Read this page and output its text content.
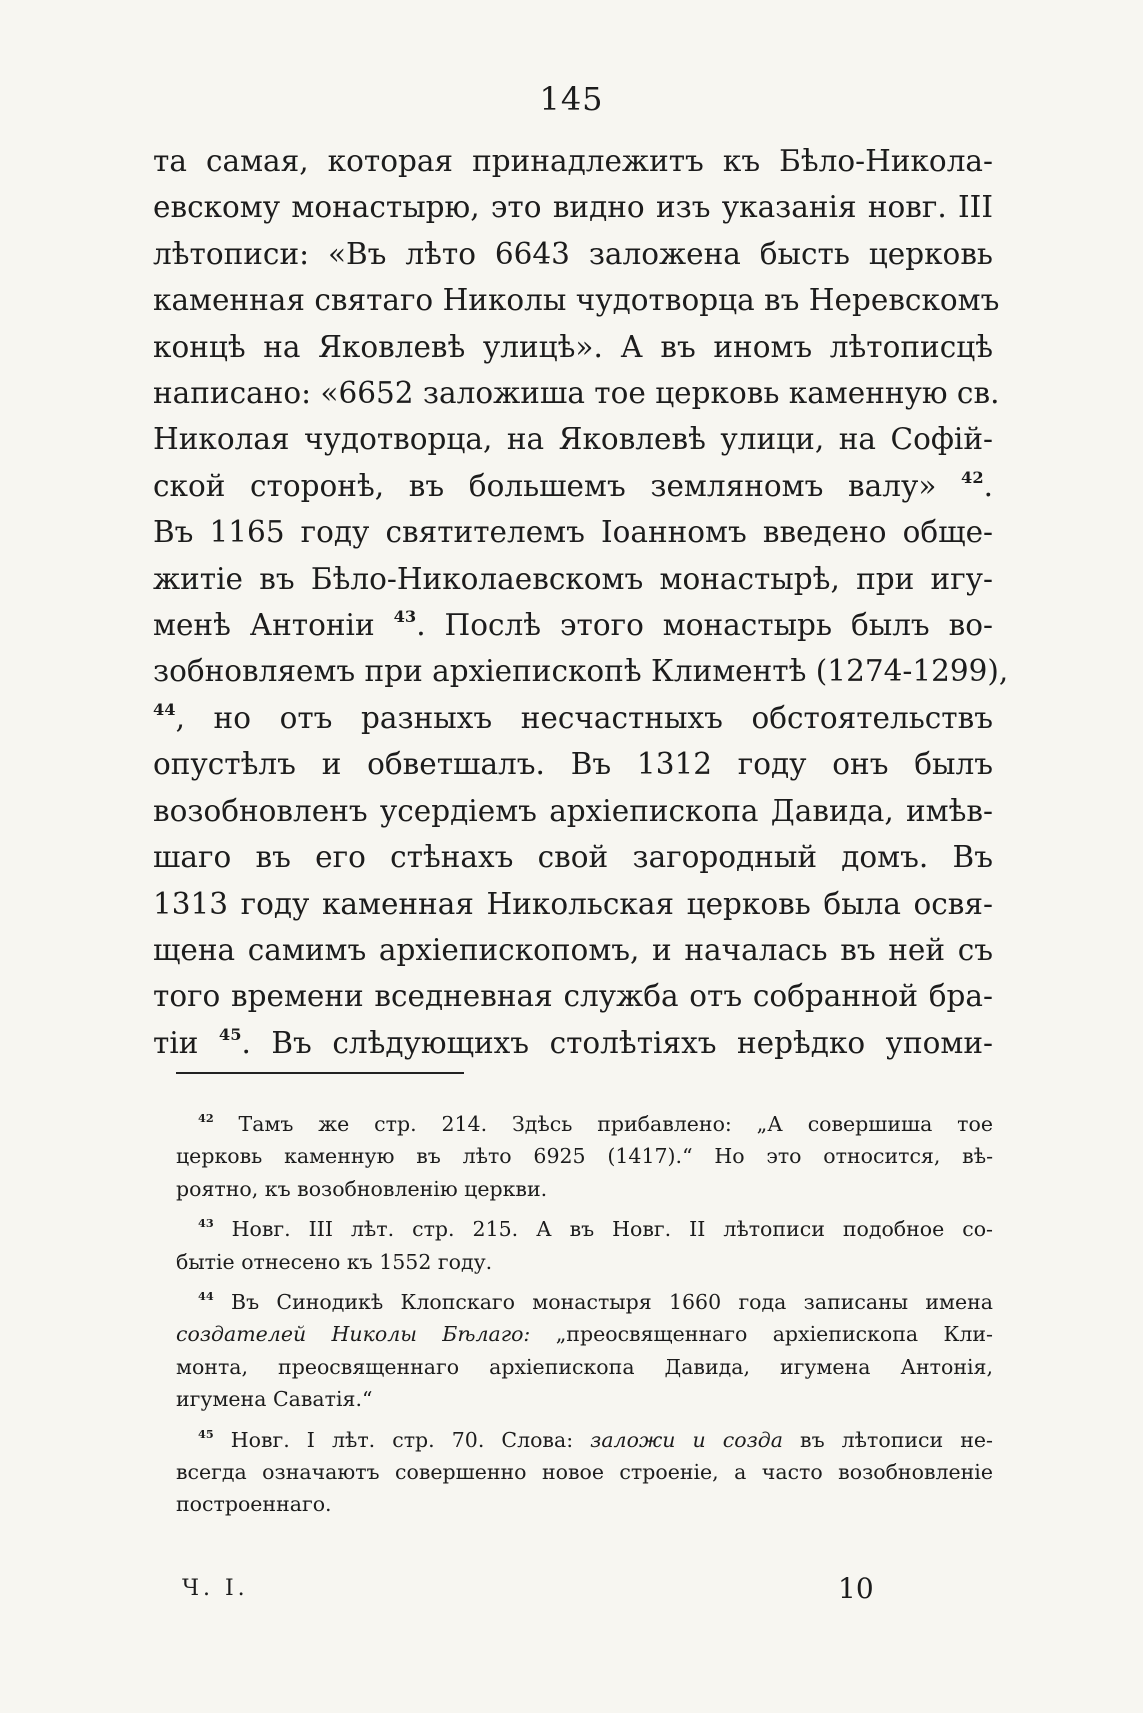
145
та самая, которая принадлежитъ къ Бѣло-Никола-
евскому монастырю, это видно изъ указанія новг. III
лѣтописи: «Въ лѣто 6643 заложена бысть церковь
каменная святаго Николы чудотворца въ Неревскомъ
концѣ на Яковлевѣ улицѣ». А въ иномъ лѣтописцѣ
написано: «6652 заложиша тое церковь каменную св.
Николая чудотворца, на Яковлевѣ улици, на Софій-
ской сторонѣ, въ большемъ земляномъ валу» $^{42}$.
Въ 1165 году святителемъ Іоанномъ введено обще-
житіе въ Бѣло-Николаевскомъ монастырѣ, при игу-
менѣ Антоніи $^{43}$. Послѣ этого монастырь былъ во-
зобновляемъ при архіепископѣ Климентѣ (1274-1299),
$^{44}$, но отъ разныхъ несчастныхъ обстоятельствъ
опустѣлъ и обветшалъ. Въ 1312 году онъ былъ
возобновленъ усердіемъ архіепископа Давида, имѣв-
шаго въ его стѣнахъ свой загородный домъ. Въ
1313 году каменная Никольская церковь была освя-
щена самимъ архіепископомъ, и началась въ ней съ
того времени вседневная служба отъ собранной бра-
тіи $^{45}$. Въ слѣдующихъ столѣтіяхъ нерѣдко упоми-
$^{42}$ Тамъ же стр. 214. Здѣсь прибавлено: „А совершиша тое
церковь каменную въ лѣто 6925 (1417).“ Но это относится, вѣ-
роятно, къ возобновленію церкви.
$^{43}$ Новг. III лѣт. стр. 215. А въ Новг. II лѣтописи подобное со-
бытіе отнесено къ 1552 году.
$^{44}$ Въ Синодикѣ Клопскаго монастыря 1660 года записаны имена
создателей Николы Бѣлаго: „преосвященнаго архіепископа Кли-
монта, преосвященнаго архіепископа Давида, игумена Антонія,
игумена Саватія.“
$^{45}$ Новг. I лѣт. стр. 70. Слова: заложи и созда въ лѣтописи не-
всегда означаютъ совершенно новое строеніе, а часто возобновленіе
построеннаго.
Ч. I.	10
